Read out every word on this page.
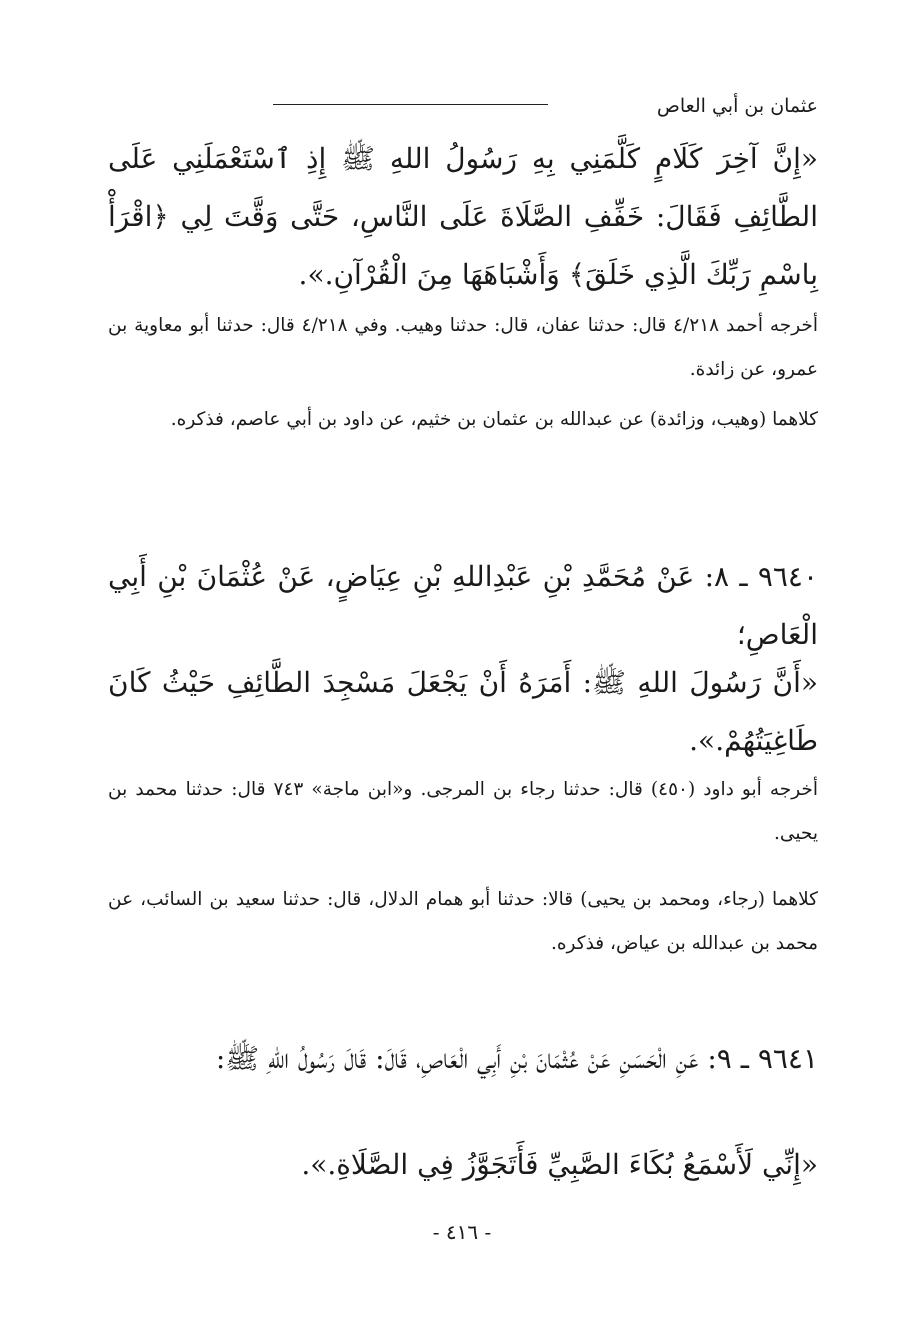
عثمان بن أبي العاص

«إِنَّ آخِرَ كَلَامٍ كَلَّمَنِي بِهِ رَسُولُ اللهِ ﷺ إِذِ ٱسْتَعْمَلَنِي عَلَى الطَّائِفِ فَقَالَ: خَفِّفِ الصَّلَاةَ عَلَى النَّاسِ، حَتَّى وَقَّتَ لِي ﴿اقْرَأْ بِاسْمِ رَبِّكَ الَّذِي خَلَقَ﴾ وَأَشْبَاهَهَا مِنَ الْقُرْآنِ.».

أخرجه أحمد ٤/٢١٨ قال: حدثنا عفان، قال: حدثنا وهيب. وفي ٤/٢١٨ قال: حدثنا أبو معاوية بن عمرو، عن زائدة.

كلاهما (وهيب، وزائدة) عن عبدالله بن عثمان بن خثيم، عن داود بن أبي عاصم، فذكره.

٩٦٤٠ ـ ٨: عَنْ مُحَمَّدِ بْنِ عَبْدِاللهِ بْنِ عِيَاضٍ، عَنْ عُثْمَانَ بْنِ أَبِي الْعَاصِ؛

«أَنَّ رَسُولَ اللهِ ﷺ: أَمَرَهُ أَنْ يَجْعَلَ مَسْجِدَ الطَّائِفِ حَيْثُ كَانَ طَاغِيَتُهُمْ.».

أخرجه أبو داود (٤٥٠) قال: حدثنا رجاء بن المرجى. و«ابن ماجة» ٧٤٣ قال: حدثنا محمد بن يحيى.

كلاهما (رجاء، ومحمد بن يحيى) قالا: حدثنا أبو همام الدلال، قال: حدثنا سعيد بن السائب، عن محمد بن عبدالله بن عياض، فذكره.

٩٦٤١ ـ ٩: عَنِ الْحَسَنِ عَنْ عُثْمَانَ بْنِ أَبِي الْعَاصِ، قَالَ: قَالَ رَسُولُ اللهِ ﷺ:

«إِنِّي لَأَسْمَعُ بُكَاءَ الصَّبِيِّ فَأَتَجَوَّزُ فِي الصَّلَاةِ.».

- ٤١٦ -
